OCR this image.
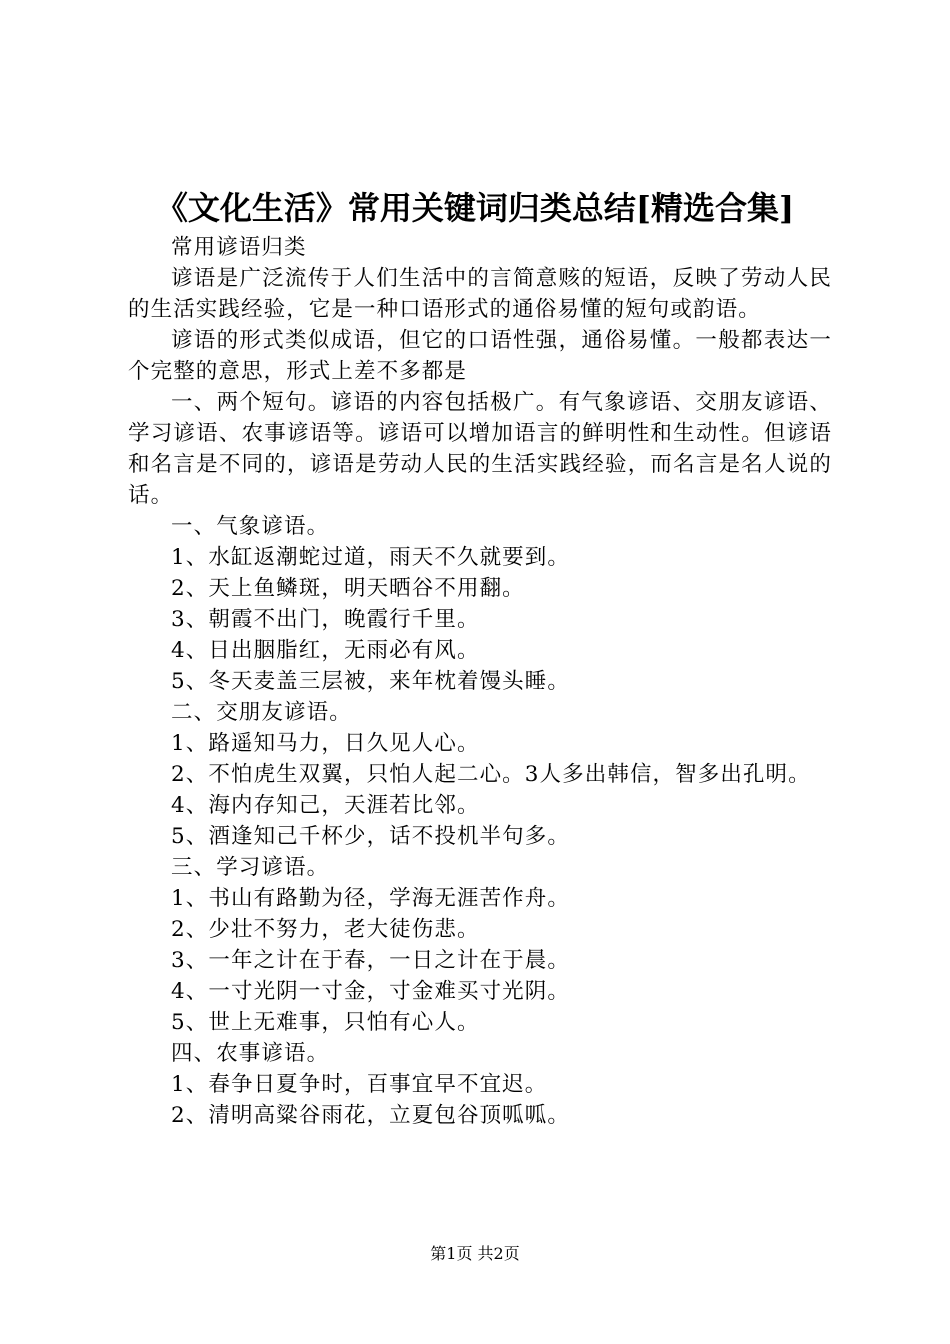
《文化生活》常用关键词归类总结[精选合集]

常用谚语归类

谚语是广泛流传于人们生活中的言简意赅的短语，反映了劳动人民的生活实践经验，它是一种口语形式的通俗易懂的短句或韵语。

谚语的形式类似成语，但它的口语性强，通俗易懂。一般都表达一个完整的意思，形式上差不多都是

一、两个短句。谚语的内容包括极广。有气象谚语、交朋友谚语、学习谚语、农事谚语等。谚语可以增加语言的鲜明性和生动性。但谚语和名言是不同的，谚语是劳动人民的生活实践经验，而名言是名人说的话。

一、气象谚语。

1、水缸返潮蛇过道，雨天不久就要到。

2、天上鱼鳞斑，明天晒谷不用翻。

3、朝霞不出门，晚霞行千里。

4、日出胭脂红，无雨必有风。

5、冬天麦盖三层被，来年枕着馒头睡。

二、交朋友谚语。

1、路遥知马力，日久见人心。

2、不怕虎生双翼，只怕人起二心。3人多出韩信，智多出孔明。

4、海内存知己，天涯若比邻。

5、酒逢知己千杯少，话不投机半句多。

三、学习谚语。

1、书山有路勤为径，学海无涯苦作舟。

2、少壮不努力，老大徒伤悲。

3、一年之计在于春，一日之计在于晨。

4、一寸光阴一寸金，寸金难买寸光阴。

5、世上无难事，只怕有心人。

四、农事谚语。

1、春争日夏争时，百事宜早不宜迟。

2、清明高粱谷雨花，立夏包谷顶呱呱。

第1页 共2页
